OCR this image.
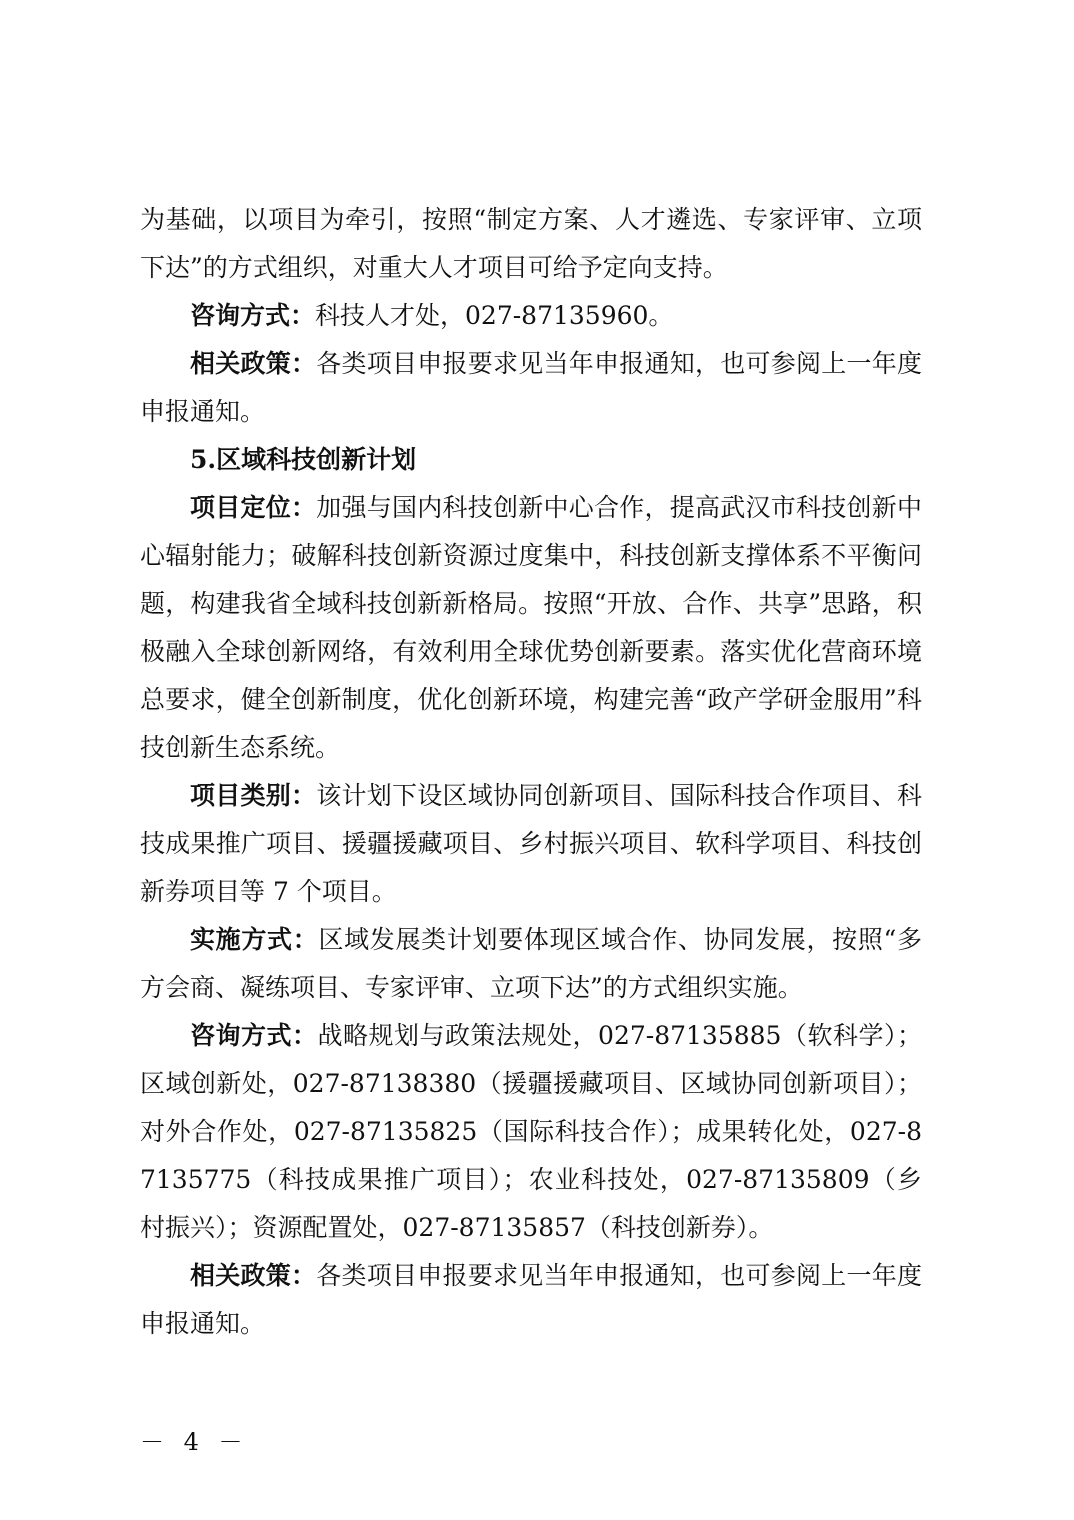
为基础，以项目为牵引，按照“制定方案、人才遴选、专家评审、立项下达”的方式组织，对重大人才项目可给予定向支持。

咨询方式：科技人才处，027-87135960。

相关政策：各类项目申报要求见当年申报通知，也可参阅上一年度申报通知。

5.区域科技创新计划

项目定位：加强与国内科技创新中心合作，提高武汉市科技创新中心辐射能力；破解科技创新资源过度集中，科技创新支撑体系不平衡问题，构建我省全域科技创新新格局。按照“开放、合作、共享”思路，积极融入全球创新网络，有效利用全球优势创新要素。落实优化营商环境总要求，健全创新制度，优化创新环境，构建完善“政产学研金服用”科技创新生态系统。

项目类别：该计划下设区域协同创新项目、国际科技合作项目、科技成果推广项目、援疆援藏项目、乡村振兴项目、软科学项目、科技创新券项目等 7 个项目。

实施方式：区域发展类计划要体现区域合作、协同发展，按照“多方会商、凝练项目、专家评审、立项下达”的方式组织实施。

咨询方式：战略规划与政策法规处，027-87135885（软科学）；区域创新处，027-87138380（援疆援藏项目、区域协同创新项目）；对外合作处，027-87135825（国际科技合作）；成果转化处，027-87135775（科技成果推广项目）；农业科技处，027-87135809（乡村振兴）；资源配置处，027-87135857（科技创新券）。

相关政策：各类项目申报要求见当年申报通知，也可参阅上一年度申报通知。

－ 4 －
